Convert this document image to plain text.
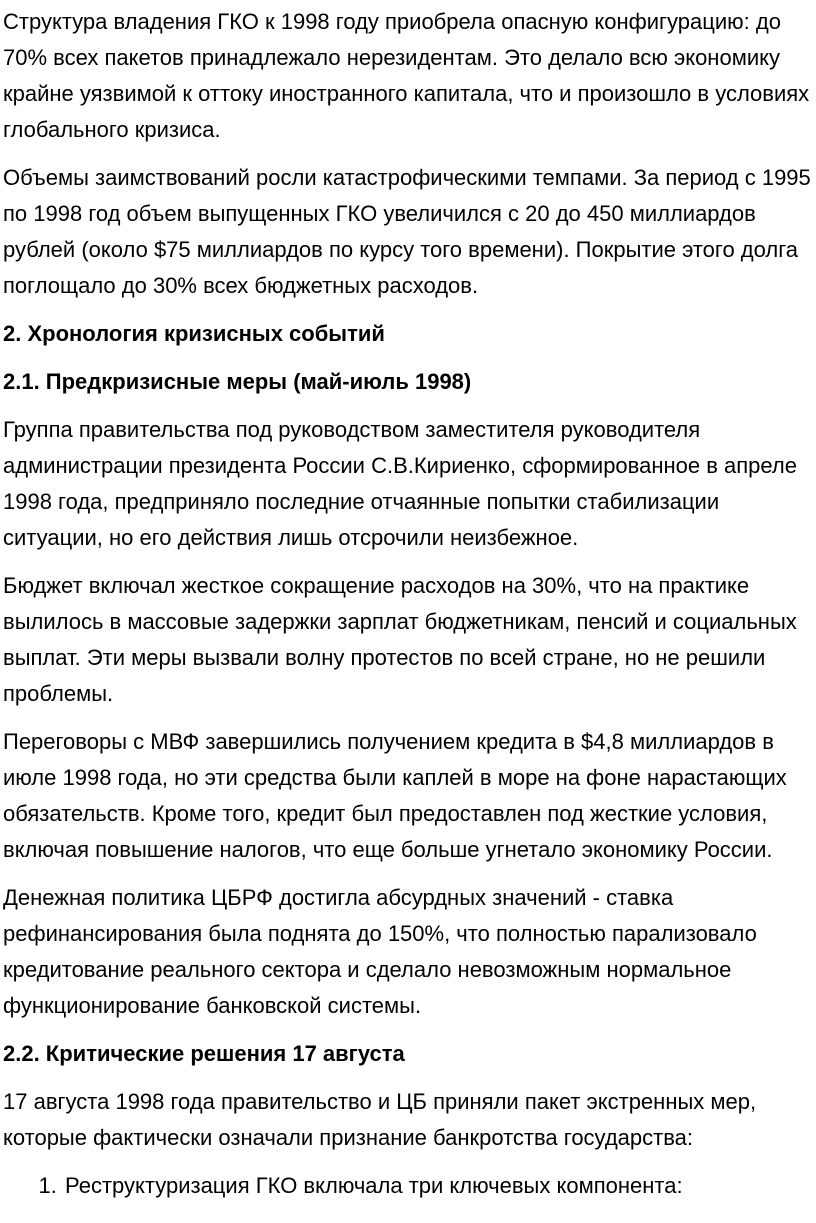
Структура владения ГКО к 1998 году приобрела опасную конфигурацию: до 70% всех пакетов принадлежало нерезидентам. Это делало всю экономику крайне уязвимой к оттоку иностранного капитала, что и произошло в условиях глобального кризиса.

Объемы заимствований росли катастрофическими темпами. За период с 1995 по 1998 год объем выпущенных ГКО увеличился с 20 до 450 миллиардов рублей (около $75 миллиардов по курсу того времени). Покрытие этого долга поглощало до 30% всех бюджетных расходов.

2. Хронология кризисных событий
2.1. Предкризисные меры (май-июль 1998)

Группа правительства под руководством заместителя руководителя администрации президента России С.В.Кириенко, сформированное в апреле 1998 года, предприняло последние отчаянные попытки стабилизации ситуации, но его действия лишь отсрочили неизбежное.

Бюджет включал жесткое сокращение расходов на 30%, что на практике вылилось в массовые задержки зарплат бюджетникам, пенсий и социальных выплат. Эти меры вызвали волну протестов по всей стране, но не решили проблемы.

Переговоры с МВФ завершились получением кредита в $4,8 миллиардов в июле 1998 года, но эти средства были каплей в море на фоне нарастающих обязательств. Кроме того, кредит был предоставлен под жесткие условия, включая повышение налогов, что еще больше угнетало экономику России.

Денежная политика ЦБРФ достигла абсурдных значений - ставка рефинансирования была поднята до 150%, что полностью парализовало кредитование реального сектора и сделало невозможным нормальное функционирование банковской системы.

2.2. Критические решения 17 августа

17 августа 1998 года правительство и ЦБ приняли пакет экстренных мер, которые фактически означали признание банкротства государства:

1. Реструктуризация ГКО включала три ключевых компонента:
